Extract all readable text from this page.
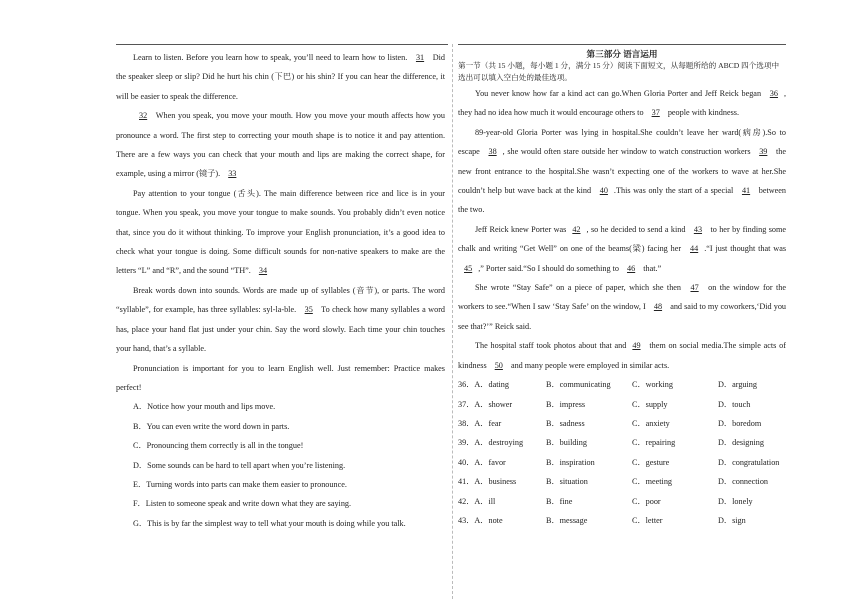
Learn to listen. Before you learn how to speak, you’ll need to learn how to listen. 31 Did the speaker sleep or slip? Did he hurt his chin (下巴) or his shin? If you can hear the difference, it will be easier to speak the difference.

32 When you speak, you move your mouth. How you move your mouth affects how you pronounce a word. The first step to correcting your mouth shape is to notice it and pay attention. There are a few ways you can check that your mouth and lips are making the correct shape, for example, using a mirror (镜子). 33

Pay attention to your tongue (舌头). The main difference between rice and lice is in your tongue. When you speak, you move your tongue to make sounds. You probably didn’t even notice that, since you do it without thinking. To improve your English pronunciation, it’s a good idea to check what your tongue is doing. Some difficult sounds for non-native speakers to make are the letters “L” and “R”, and the sound “TH”. 34

Break words down into sounds. Words are made up of syllables (音节), or parts. The word “syllable”, for example, has three syllables: syl-la-ble. 35 To check how many syllables a word has, place your hand flat just under your chin. Say the word slowly. Each time your chin touches your hand, that’s a syllable.

Pronunciation is important for you to learn English well. Just remember: Practice makes perfect!

A．Notice how your mouth and lips move.

B．You can even write the word down in parts.

C．Pronouncing them correctly is all in the tongue!

D．Some sounds can be hard to tell apart when you’re listening.

E．Turning words into parts can make them easier to pronounce.

F．Listen to someone speak and write down what they are saying.

G．This is by far the simplest way to tell what your mouth is doing while you talk.

第三部分 语言运用

第一节（共 15 小题，每小题 1 分，满分 15 分）阅读下面短文，从每题所给的 ABCD 四个选项中选出可以填入空白处的最佳选项。

You never know how far a kind act can go.When Gloria Porter and Jeff Reick began 36 , they had no idea how much it would encourage others to 37 people with kindness.

89-year-old Gloria Porter was lying in hospital.She couldn’t leave her ward(病房).So to escape 38 , she would often stare outside her window to watch construction workers 39 the new front entrance to the hospital.She wasn’t expecting one of the workers to wave at her.She couldn’t help but wave back at the kind 40 .This was only the start of a special 41 between the two.

Jeff Reick knew Porter was 42 , so he decided to send a kind 43 to her by finding some chalk and writing “Get Well” on one of the beams(梁) facing her 44 .“I just thought that was 45 ,” Porter said.“So I should do something to 46 that.”

She wrote “Stay Safe” on a piece of paper, which she then 47 on the window for the workers to see.“When I saw ‘Stay Safe’ on the window, I 48 and said to my coworkers,‘Did you see that?’” Reick said.

The hospital staff took photos about that and 49 them on social media.The simple acts of kindness 50 and many people were employed in similar acts.

36．A．dating	B．communicating	C．working	D．arguing
37．A．shower	B．impress	C．supply	D．touch
38．A．fear	B．sadness	C．anxiety	D．boredom
39．A．destroying	B．building	C．repairing	D．designing
40．A．favor	B．inspiration	C．gesture	D．congratulation
41．A．business	B．situation	C．meeting	D．connection
42．A．ill	B．fine	C．poor	D．lonely
43．A．note	B．message	C．letter	D．sign
